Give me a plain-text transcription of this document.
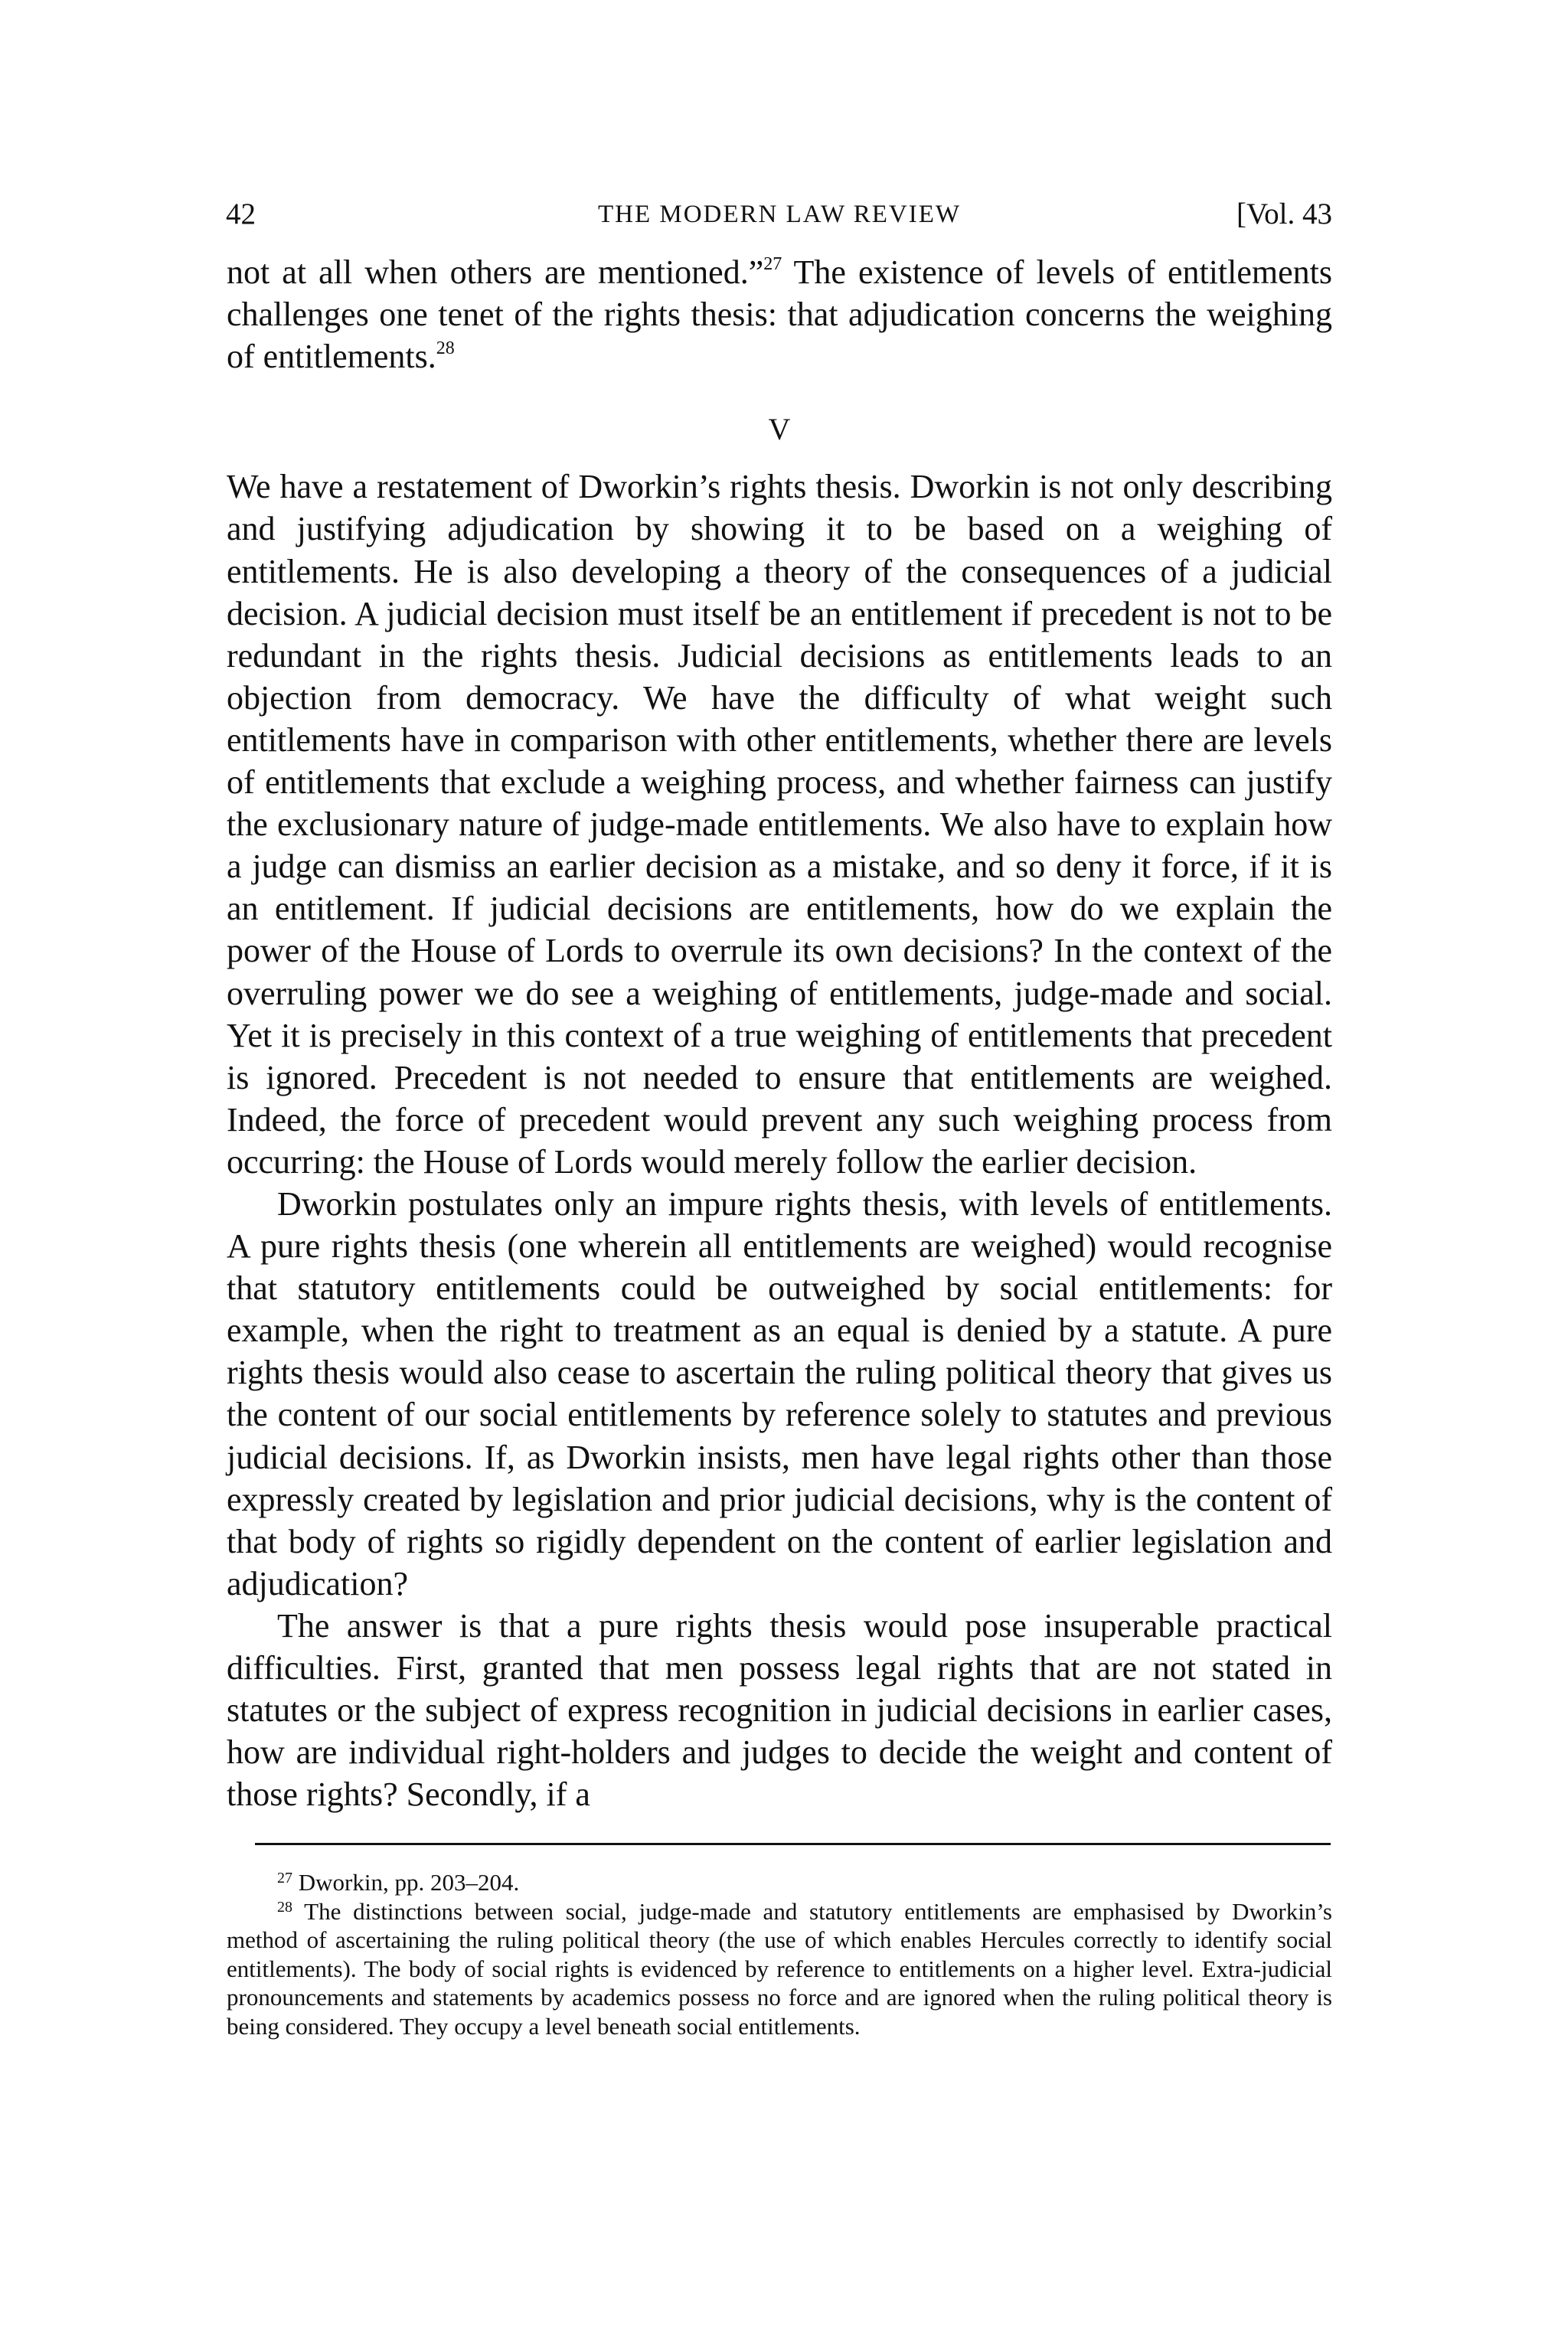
42	THE MODERN LAW REVIEW	[Vol. 43

not at all when others are mentioned.”$^{27}$ The existence of levels of entitlements challenges one tenet of the rights thesis: that adjudication concerns the weighing of entitlements.$^{28}$

V

We have a restatement of Dworkin’s rights thesis. Dworkin is not only describing and justifying adjudication by showing it to be based on a weighing of entitlements. He is also developing a theory of the consequences of a judicial decision. A judicial decision must itself be an entitlement if precedent is not to be redundant in the rights thesis. Judicial decisions as entitlements leads to an objection from democracy. We have the difficulty of what weight such entitlements have in comparison with other entitlements, whether there are levels of entitlements that exclude a weighing process, and whether fairness can justify the exclusionary nature of judge-made entitlements. We also have to explain how a judge can dismiss an earlier decision as a mistake, and so deny it force, if it is an entitlement. If judicial decisions are entitlements, how do we explain the power of the House of Lords to overrule its own decisions? In the context of the overruling power we do see a weighing of entitlements, judge-made and social. Yet it is precisely in this context of a true weighing of entitlements that precedent is ignored. Precedent is not needed to ensure that entitlements are weighed. Indeed, the force of precedent would prevent any such weighing process from occurring: the House of Lords would merely follow the earlier decision.

Dworkin postulates only an impure rights thesis, with levels of entitlements. A pure rights thesis (one wherein all entitlements are weighed) would recognise that statutory entitlements could be outweighed by social entitlements: for example, when the right to treatment as an equal is denied by a statute. A pure rights thesis would also cease to ascertain the ruling political theory that gives us the content of our social entitlements by reference solely to statutes and previous judicial decisions. If, as Dworkin insists, men have legal rights other than those expressly created by legislation and prior judicial decisions, why is the content of that body of rights so rigidly dependent on the content of earlier legislation and adjudication?

The answer is that a pure rights thesis would pose insuperable practical difficulties. First, granted that men possess legal rights that are not stated in statutes or the subject of express recognition in judicial decisions in earlier cases, how are individual right-holders and judges to decide the weight and content of those rights? Secondly, if a

$^{27}$ Dworkin, pp. 203–204.

$^{28}$ The distinctions between social, judge-made and statutory entitlements are emphasised by Dworkin’s method of ascertaining the ruling political theory (the use of which enables Hercules correctly to identify social entitlements). The body of social rights is evidenced by reference to entitlements on a higher level. Extra-judicial pronouncements and statements by academics possess no force and are ignored when the ruling political theory is being considered. They occupy a level beneath social entitlements.
